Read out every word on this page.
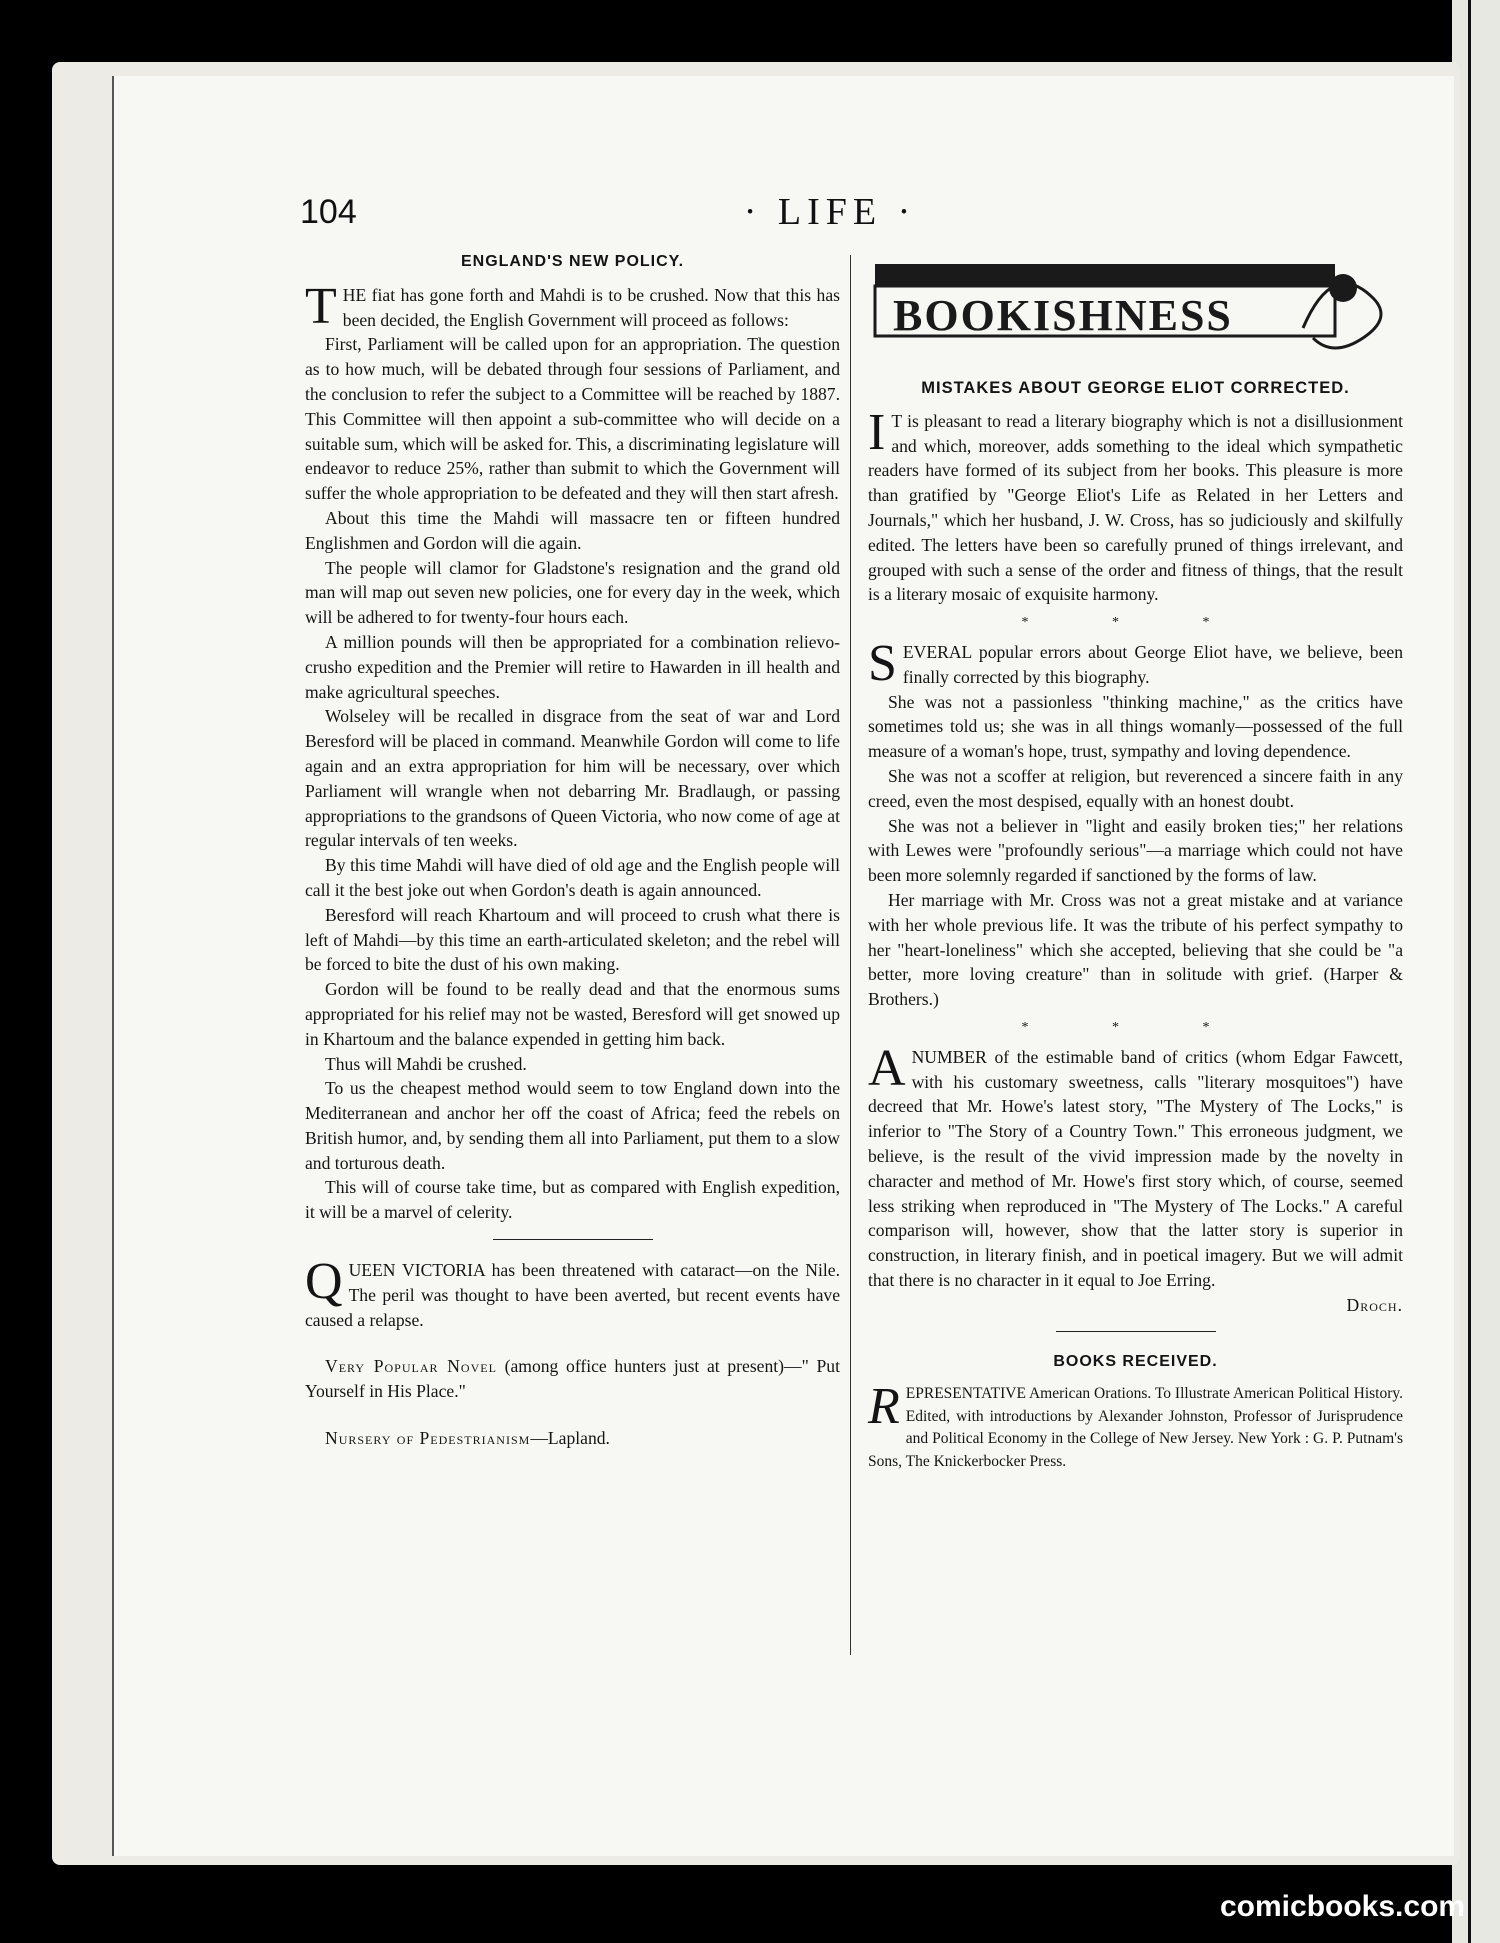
104	· LIFE ·
ENGLAND'S NEW POLICY.

THE fiat has gone forth and Mahdi is to be crushed. Now that this has been decided, the English Government will proceed as follows:

First, Parliament will be called upon for an appropriation. The question as to how much, will be debated through four sessions of Parliament, and the conclusion to refer the subject to a Committee will be reached by 1887. This Committee will then appoint a sub-committee who will decide on a suitable sum, which will be asked for. This, a discriminating legislature will endeavor to reduce 25%, rather than submit to which the Government will suffer the whole appropriation to be defeated and they will then start afresh.

About this time the Mahdi will massacre ten or fifteen hundred Englishmen and Gordon will die again.

The people will clamor for Gladstone's resignation and the grand old man will map out seven new policies, one for every day in the week, which will be adhered to for twenty-four hours each.

A million pounds will then be appropriated for a combination relievo-crusho expedition and the Premier will retire to Hawarden in ill health and make agricultural speeches.

Wolseley will be recalled in disgrace from the seat of war and Lord Beresford will be placed in command. Meanwhile Gordon will come to life again and an extra appropriation for him will be necessary, over which Parliament will wrangle when not debarring Mr. Bradlaugh, or passing appropriations to the grandsons of Queen Victoria, who now come of age at regular intervals of ten weeks.

By this time Mahdi will have died of old age and the English people will call it the best joke out when Gordon's death is again announced.

Beresford will reach Khartoum and will proceed to crush what there is left of Mahdi—by this time an earth-articulated skeleton; and the rebel will be forced to bite the dust of his own making.

Gordon will be found to be really dead and that the enormous sums appropriated for his relief may not be wasted, Beresford will get snowed up in Khartoum and the balance expended in getting him back.

Thus will Mahdi be crushed.

To us the cheapest method would seem to tow England down into the Mediterranean and anchor her off the coast of Africa; feed the rebels on British humor, and, by sending them all into Parliament, put them to a slow and torturous death.

This will of course take time, but as compared with English expedition, it will be a marvel of celerity.

QUEEN VICTORIA has been threatened with cataract—on the Nile. The peril was thought to have been averted, but recent events have caused a relapse.

Very Popular Novel (among office hunters just at present)—" Put Yourself in His Place."

Nursery of Pedestrianism—Lapland.

BOOKISHNESS
MISTAKES ABOUT GEORGE ELIOT CORRECTED.

I T is pleasant to read a literary biography which is not a disillusionment and which, moreover, adds something to the ideal which sympathetic readers have formed of its subject from her books. This pleasure is more than gratified by "George Eliot's Life as Related in her Letters and Journals," which her husband, J. W. Cross, has so judiciously and skilfully edited. The letters have been so carefully pruned of things irrelevant, and grouped with such a sense of the order and fitness of things, that the result is a literary mosaic of exquisite harmony.

* * *

SEVERAL popular errors about George Eliot have, we believe, been finally corrected by this biography.

She was not a passionless "thinking machine," as the critics have sometimes told us; she was in all things womanly—possessed of the full measure of a woman's hope, trust, sympathy and loving dependence.

She was not a scoffer at religion, but reverenced a sincere faith in any creed, even the most despised, equally with an honest doubt.

She was not a believer in "light and easily broken ties;" her relations with Lewes were "profoundly serious"—a marriage which could not have been more solemnly regarded if sanctioned by the forms of law.

Her marriage with Mr. Cross was not a great mistake and at variance with her whole previous life. It was the tribute of his perfect sympathy to her "heart-loneliness" which she accepted, believing that she could be "a better, more loving creature" than in solitude with grief. (Harper & Brothers.)

* * *

ANUMBER of the estimable band of critics (whom Edgar Fawcett, with his customary sweetness, calls "literary mosquitoes") have decreed that Mr. Howe's latest story, "The Mystery of The Locks," is inferior to "The Story of a Country Town." This erroneous judgment, we believe, is the result of the vivid impression made by the novelty in character and method of Mr. Howe's first story which, of course, seemed less striking when reproduced in "The Mystery of The Locks." A careful comparison will, however, show that the latter story is superior in construction, in literary finish, and in poetical imagery. But we will admit that there is no character in it equal to Joe Erring.

Droch.
BOOKS RECEIVED.

REPRESENTATIVE American Orations. To Illustrate American Political History. Edited, with introductions by Alexander Johnston, Professor of Jurisprudence and Political Economy in the College of New Jersey. New York : G. P. Putnam's Sons, The Knickerbocker Press.

comicbooks.com
